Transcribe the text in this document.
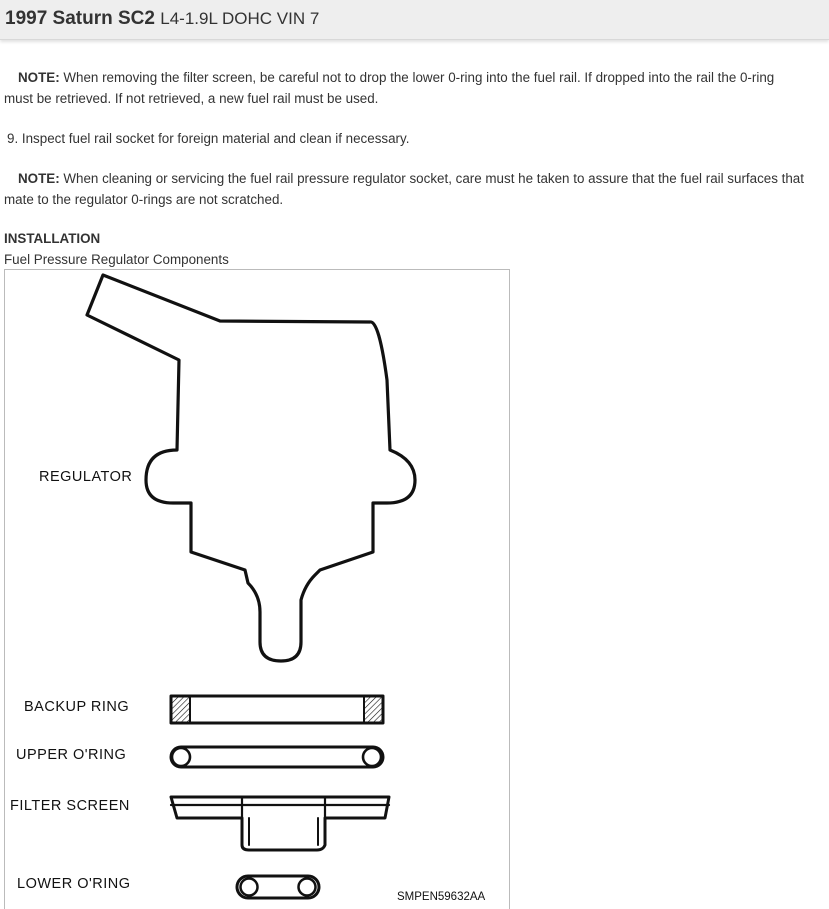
1997 Saturn SC2 L4-1.9L DOHC VIN 7
NOTE: When removing the filter screen, be careful not to drop the lower 0-ring into the fuel rail. If dropped into the rail the 0-ring must be retrieved. If not retrieved, a new fuel rail must be used.
9. Inspect fuel rail socket for foreign material and clean if necessary.
NOTE: When cleaning or servicing the fuel rail pressure regulator socket, care must he taken to assure that the fuel rail surfaces that mate to the regulator 0-rings are not scratched.
INSTALLATION
Fuel Pressure Regulator Components
REGULATOR
BACKUP RING
UPPER O'RING
FILTER SCREEN
LOWER O'RING
SMPEN59632AA
